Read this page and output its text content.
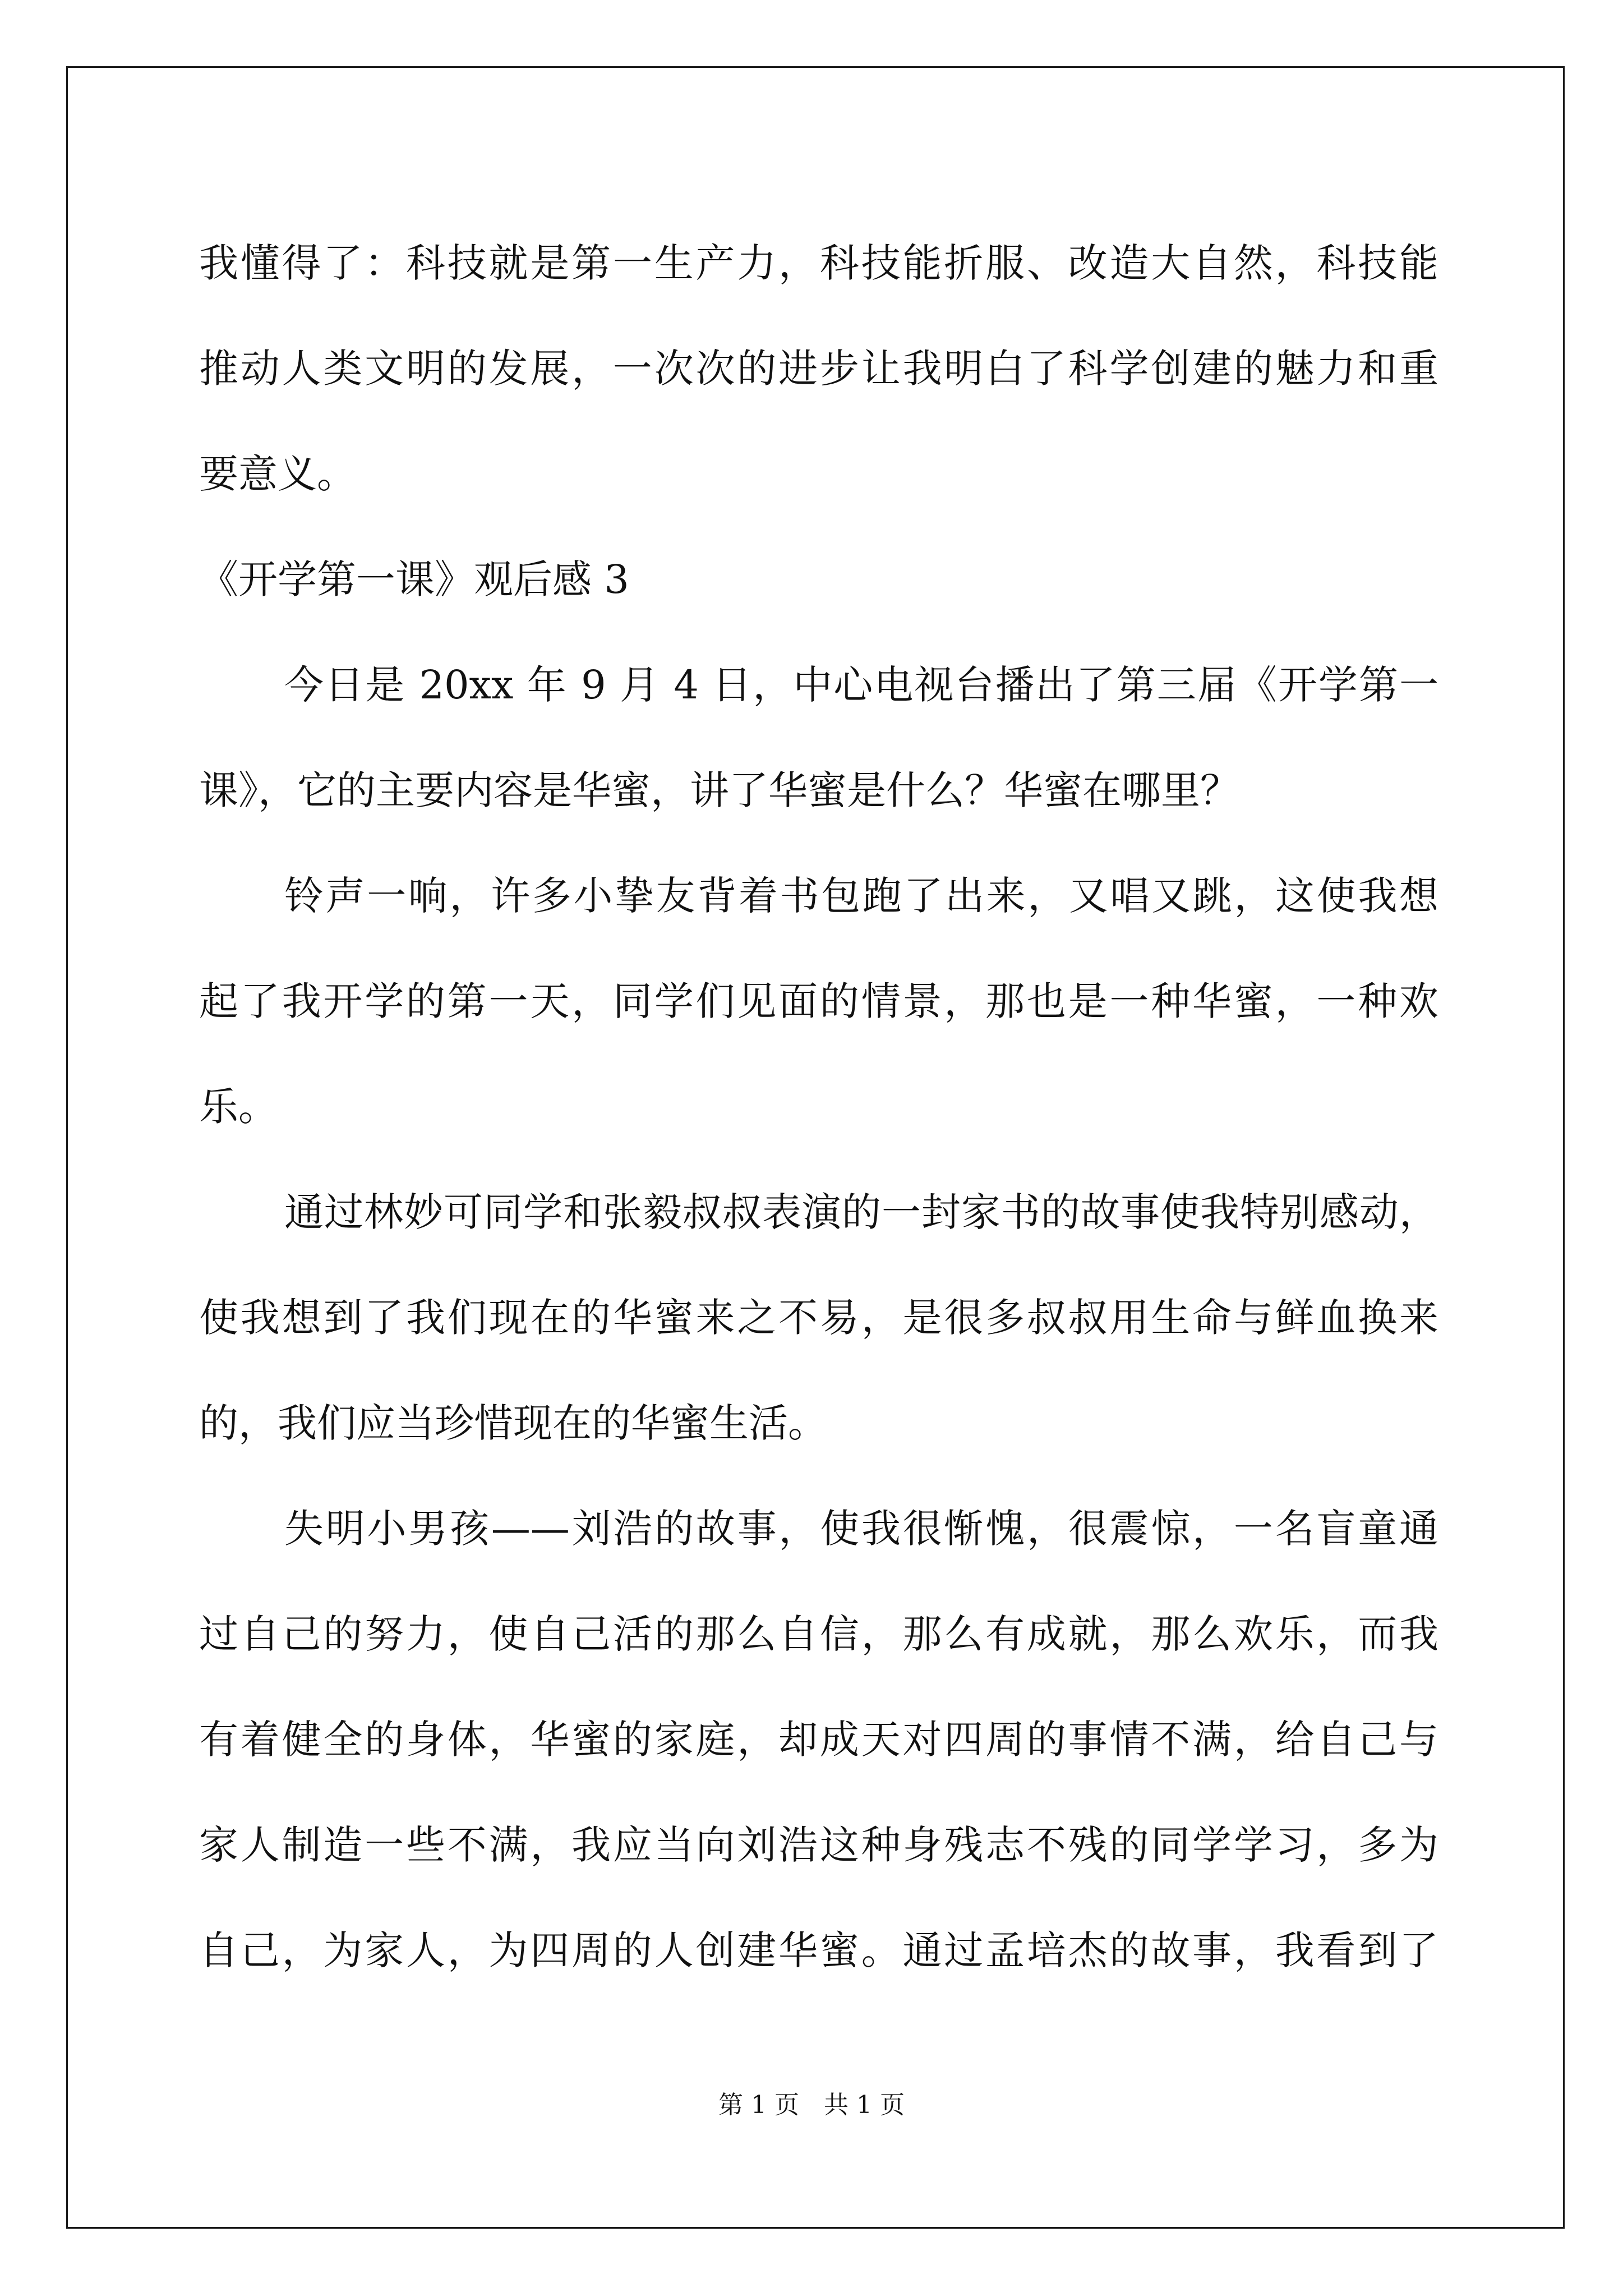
我懂得了：科技就是第一生产力，科技能折服、改造大自然，科技能
推动人类文明的发展，一次次的进步让我明白了科学创建的魅力和重
要意义。
《开学第一课》观后感 3
今日是 20xx 年 9 月 4 日，中心电视台播出了第三届《开学第一
课》，它的主要内容是华蜜，讲了华蜜是什么？华蜜在哪里？
铃声一响，许多小挚友背着书包跑了出来，又唱又跳，这使我想
起了我开学的第一天，同学们见面的情景，那也是一种华蜜，一种欢
乐。
通过林妙可同学和张毅叔叔表演的一封家书的故事使我特别感动，
使我想到了我们现在的华蜜来之不易，是很多叔叔用生命与鲜血换来
的，我们应当珍惜现在的华蜜生活。
失明小男孩——刘浩的故事，使我很惭愧，很震惊，一名盲童通
过自己的努力，使自己活的那么自信，那么有成就，那么欢乐，而我
有着健全的身体，华蜜的家庭，却成天对四周的事情不满，给自己与
家人制造一些不满，我应当向刘浩这种身残志不残的同学学习，多为
自己，为家人，为四周的人创建华蜜。通过孟培杰的故事，我看到了
第 1 页　共 1 页
